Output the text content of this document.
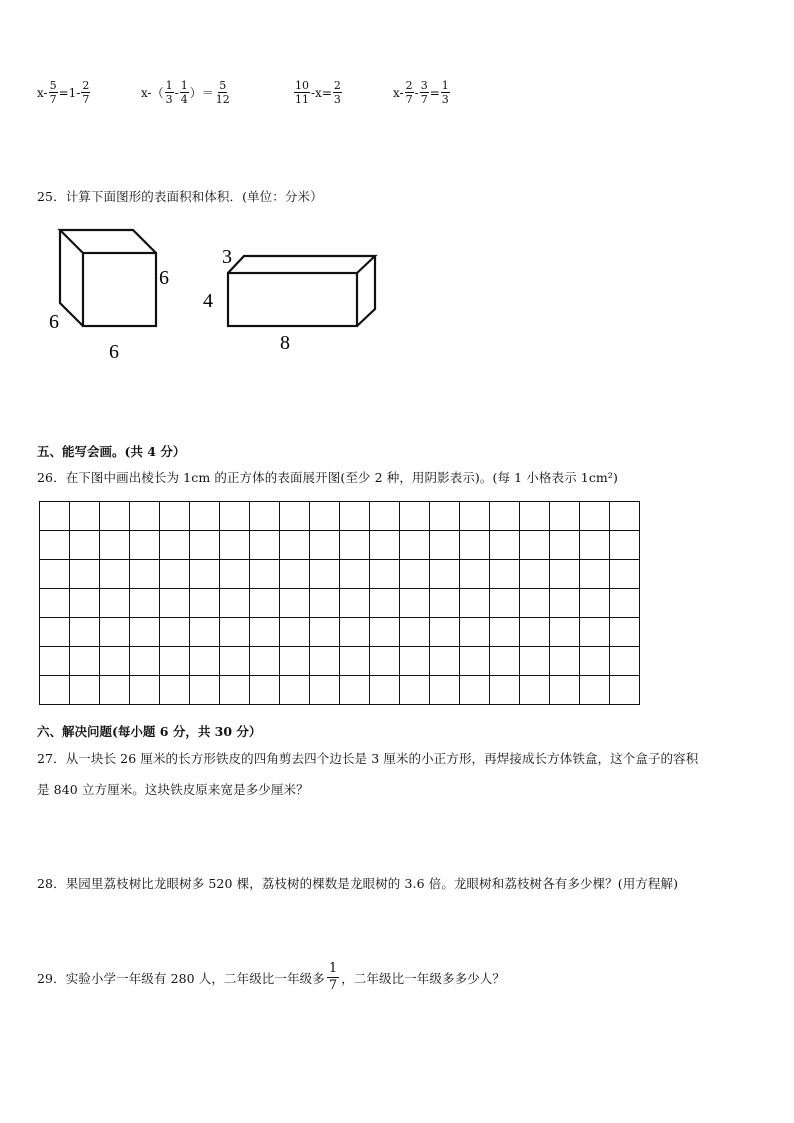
$x- \frac{5}{7} =1- \frac{2}{7}$	$x-( \frac{1}{3} - \frac{1}{4}$ ）＝ $\frac{5}{12}$	$\frac{10}{11} -x= \frac{2}{3}$	$x- \frac{2}{7} - \frac{3}{7} = \frac{1}{3}$
25．计算下面图形的表面积和体积．(单位：分米）
6
6
6
3
4
8
五、能写会画。(共 4 分）
26．在下图中画出棱长为 1cm 的正方体的表面展开图(至少 2 种，用阴影表示)。(每 1 小格表示 1cm²)

六、解决问题(每小题 6 分，共 30 分）
27．从一块长 26 厘米的长方形铁皮的四角剪去四个边长是 3 厘米的小正方形，再焊接成长方体铁盒，这个盒子的容积
是 840 立方厘米。这块铁皮原来宽是多少厘米？
28．果园里荔枝树比龙眼树多 520 棵，荔枝树的棵数是龙眼树的 3.6 倍。龙眼树和荔枝树各有多少棵？(用方程解)
29．实验小学一年级有 280 人，二年级比一年级多 $\frac{1}{7}$ ，二年级比一年级多多少人？
